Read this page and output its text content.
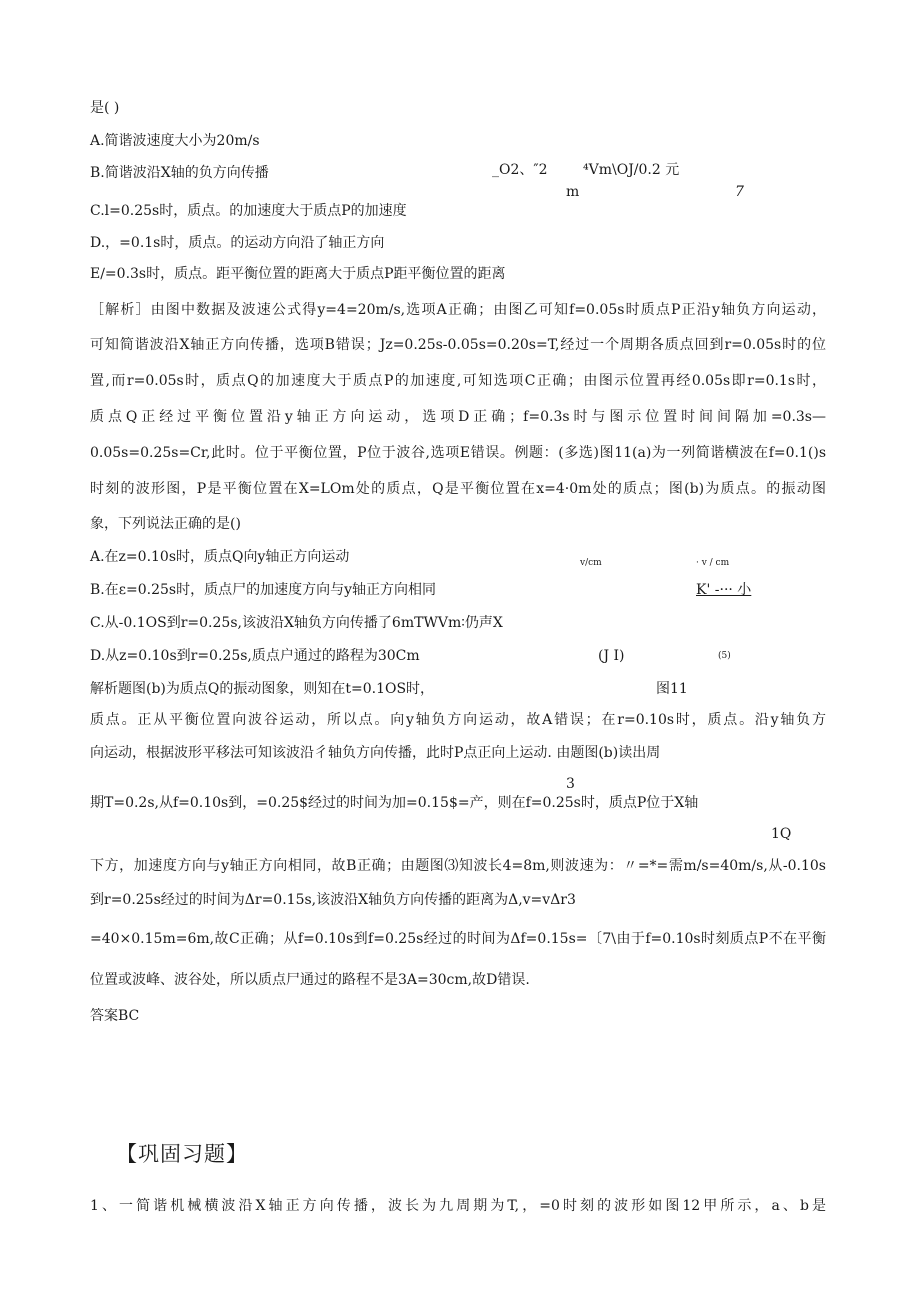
是( )
A.简谐波速度大小为20m∕s
B.简谐波沿X轴的负方向传播	_O2、″2	⁴Vm\OJ/0.2 元
m	7
C.l=0.25s时，质点。的加速度大于质点P的加速度
D.，=0.1s时，质点。的运动方向沿了轴正方向
E∕=0.3s时，质点。距平衡位置的距离大于质点P距平衡位置的距离
［解析］由图中数据及波速公式得y=4=20m∕s,选项A正确；由图乙可知f=0.05s时质点P正沿y轴负方向运动，
可知简谐波沿X轴正方向传播，选项B错误；Jz=0.25s-0.05s=0.20s=T,经过一个周期各质点回到r=0.05s时的位
置,而r=0.05s时，质点Q的加速度大于质点P的加速度,可知选项C正确；由图示位置再经0.05s即r=0.1s时，
质点Q正经过平衡位置沿y轴正方向运动，选项D正确；f=0.3s时与图示位置时间间隔加=0.3s—
0.05s=0.25s=Cr,此时。位于平衡位置，P位于波谷,选项E错误。例题：(多选)图11(a)为一列简谐横波在f=0.1()s
时刻的波形图，P是平衡位置在X=LOm处的质点，Q是平衡位置在x=4·0m处的质点；图(b)为质点。的振动图
象，下列说法正确的是()
A.在z=0.10s时，质点Q向y轴正方向运动	v/cm	· v / cm
B.在ε=0.25s时，质点尸的加速度方向与y轴正方向相同	K' -··· 小
C.从-0.1OS到r=0.25s,该波沿X轴负方向传播了6mTWVm∶仍声X
D.从z=0.10s到r=0.25s,质点户通过的路程为30Cm	(J I)	(5)
解析题图(b)为质点Q的振动图象，则知在t=0.1OS时，	图11
质点。正从平衡位置向波谷运动，所以点。向y轴负方向运动，故A错误；在r=0.10s时，质点。沿y轴负方
向运动，根据波形平移法可知该波沿彳轴负方向传播，此时P点正向上运动. 由题图(b)读出周
3
期T=0.2s,从f=0.10s到，=0.25$经过的时间为加=0.15$=产，则在f=0.25s时，质点P位于X轴
1Q
下方，加速度方向与y轴正方向相同，故B正确；由题图⑶知波长4=8m,则波速为：〃=*=需m/s=40m∕s,从-0.10s
到r=0.25s经过的时间为Δr=0.15s,该波沿X轴负方向传播的距离为Δ,v=vΔr3
=40×0.15m=6m,故C正确；从f=0.10s到f=0.25s经过的时间为Δf=0.15s=〔7\由于f=0.10s时刻质点P不在平衡
位置或波峰、波谷处，所以质点尸通过的路程不是3A=30cm,故D错误.
答案BC
【巩固习题】
1、一简谐机械横波沿X轴正方向传播，波长为九周期为T,，=0时刻的波形如图12甲所示，a、b是
